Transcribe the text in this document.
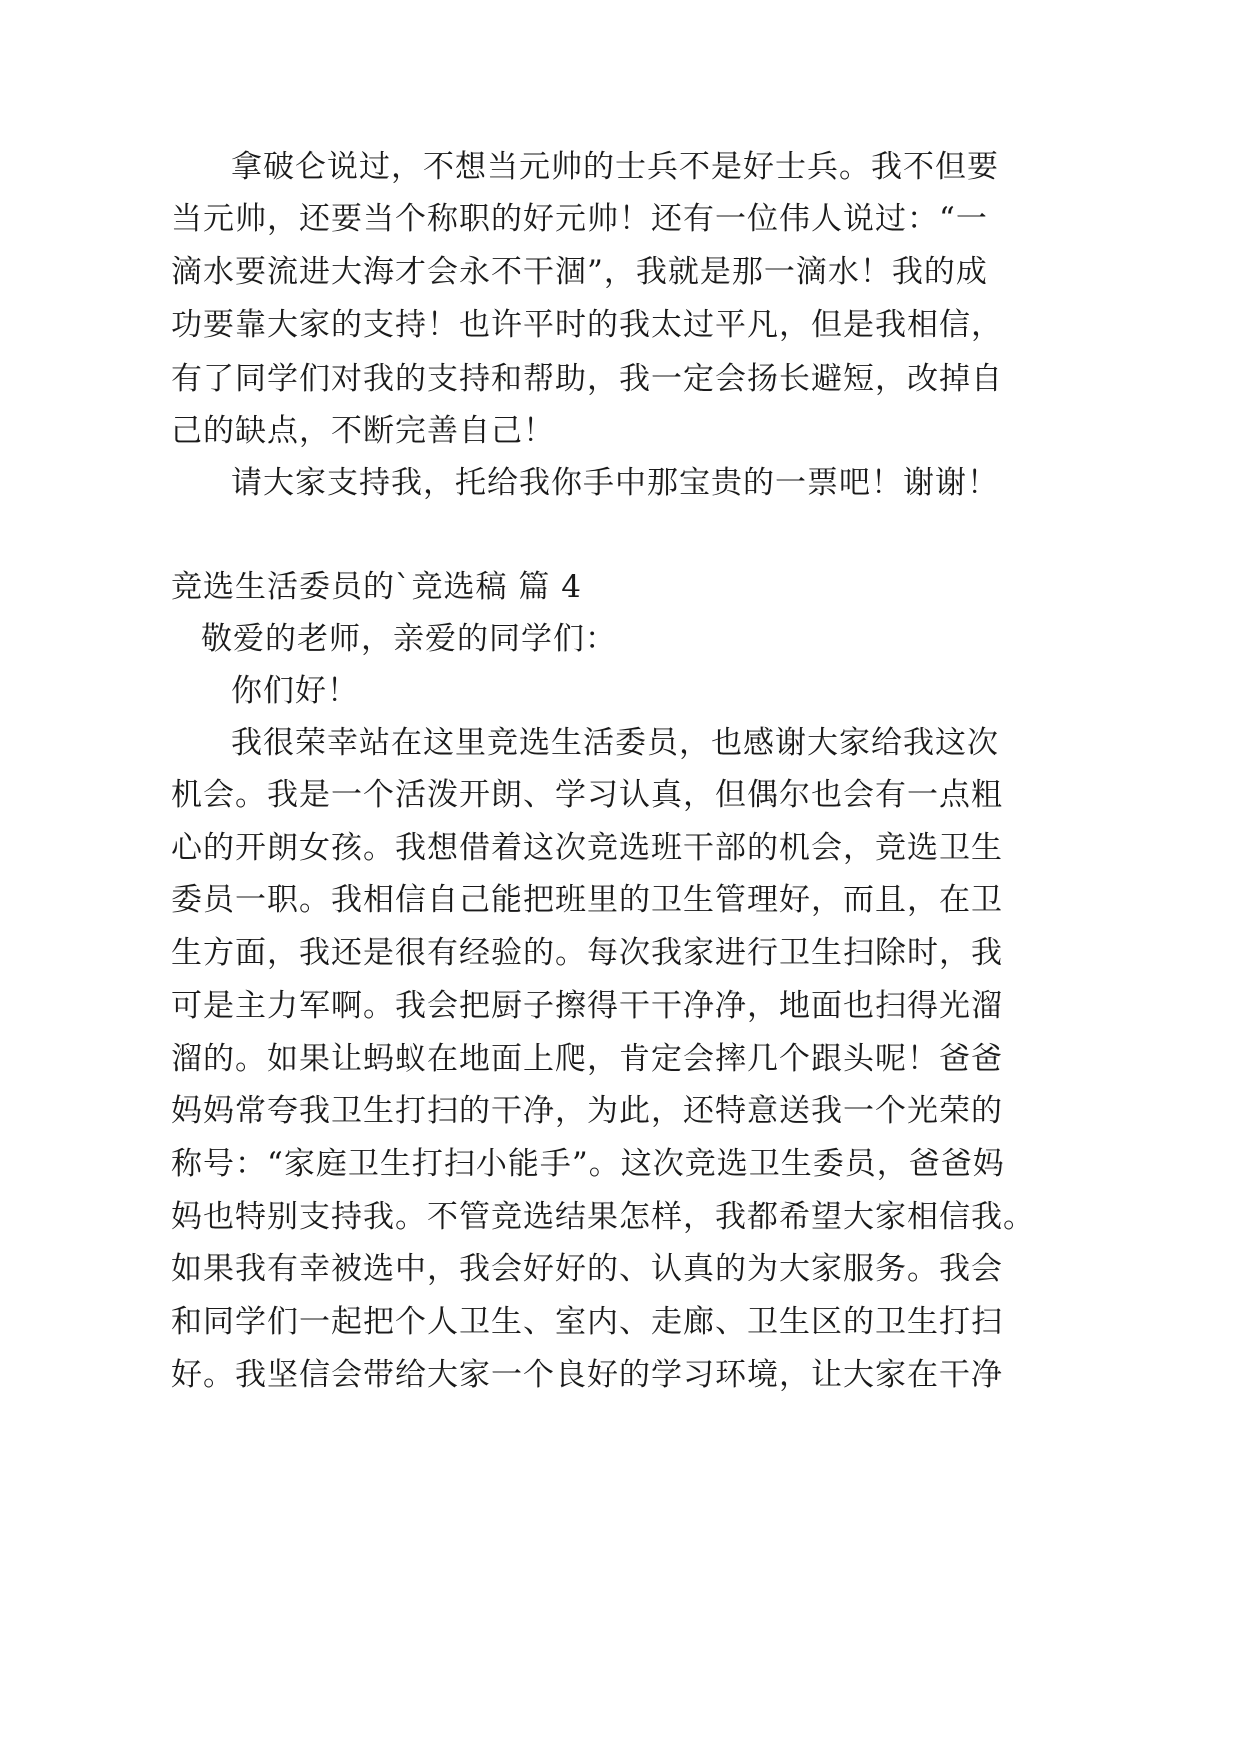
拿破仑说过，不想当元帅的士兵不是好士兵。我不但要
当元帅，还要当个称职的好元帅！还有一位伟人说过：“一
滴水要流进大海才会永不干涸”，我就是那一滴水！我的成
功要靠大家的支持！也许平时的我太过平凡，但是我相信，
有了同学们对我的支持和帮助，我一定会扬长避短，改掉自
己的缺点，不断完善自己！
请大家支持我，托给我你手中那宝贵的一票吧！谢谢！
竞选生活委员的`竞选稿 篇 4
敬爱的老师，亲爱的同学们：
你们好！
我很荣幸站在这里竞选生活委员，也感谢大家给我这次
机会。我是一个活泼开朗、学习认真，但偶尔也会有一点粗
心的开朗女孩。我想借着这次竞选班干部的机会，竞选卫生
委员一职。我相信自己能把班里的卫生管理好，而且，在卫
生方面，我还是很有经验的。每次我家进行卫生扫除时，我
可是主力军啊。我会把厨子擦得干干净净，地面也扫得光溜
溜的。如果让蚂蚁在地面上爬，肯定会摔几个跟头呢！爸爸
妈妈常夸我卫生打扫的干净，为此，还特意送我一个光荣的
称号：“家庭卫生打扫小能手”。这次竞选卫生委员，爸爸妈
妈也特别支持我。不管竞选结果怎样，我都希望大家相信我。
如果我有幸被选中，我会好好的、认真的为大家服务。我会
和同学们一起把个人卫生、室内、走廊、卫生区的卫生打扫
好。我坚信会带给大家一个良好的学习环境，让大家在干净
